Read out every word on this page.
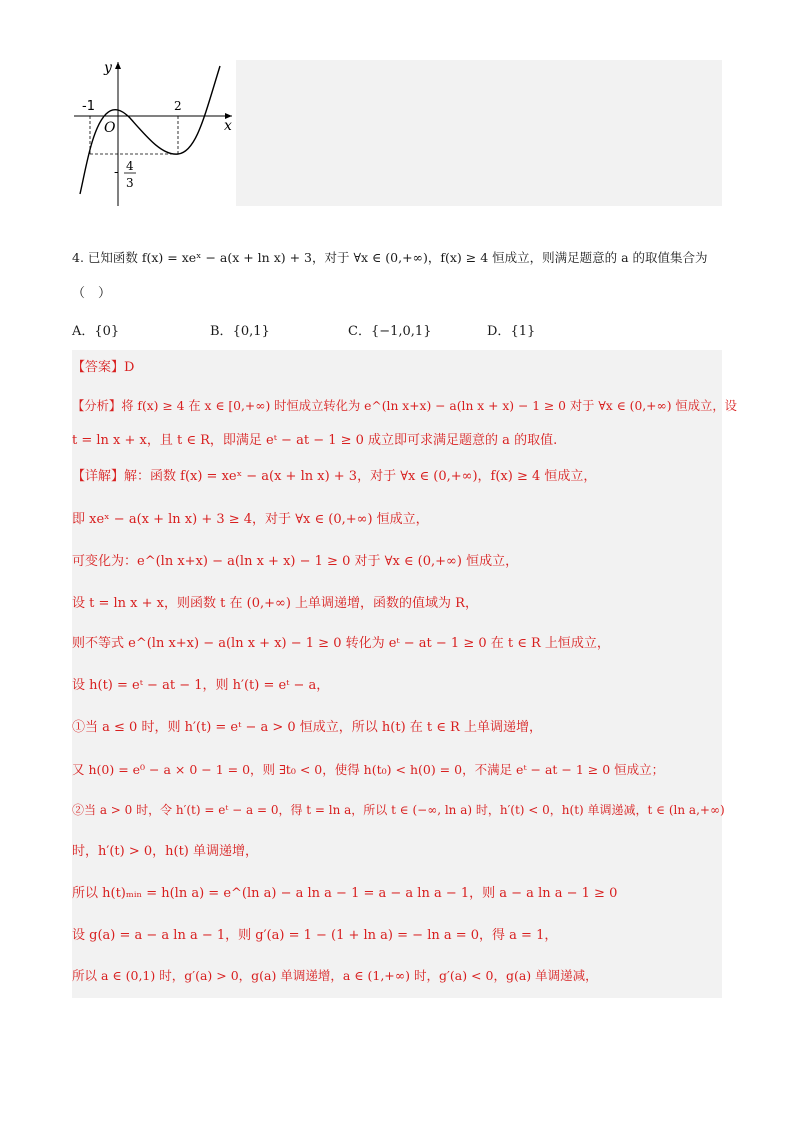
y
x
O
-1	2
- 4
3
4. 已知函数 f(x) = xeˣ − a(x + ln x) + 3，对于 ∀x ∈ (0,+∞)，f(x) ≥ 4 恒成立，则满足题意的 a 的取值集合为
（　）
A．{0}	B．{0,1}	C．{−1,0,1}	D．{1}
【答案】D
【分析】将 f(x) ≥ 4 在 x ∈ [0,+∞) 时恒成立转化为 e^(ln x+x) − a(ln x + x) − 1 ≥ 0 对于 ∀x ∈ (0,+∞) 恒成立，设
t = ln x + x，且 t ∈ R，即满足 eᵗ − at − 1 ≥ 0 成立即可求满足题意的 a 的取值.
【详解】解：函数 f(x) = xeˣ − a(x + ln x) + 3，对于 ∀x ∈ (0,+∞)，f(x) ≥ 4 恒成立，
即 xeˣ − a(x + ln x) + 3 ≥ 4，对于 ∀x ∈ (0,+∞) 恒成立，
可变化为：e^(ln x+x) − a(ln x + x) − 1 ≥ 0 对于 ∀x ∈ (0,+∞) 恒成立，
设 t = ln x + x，则函数 t 在 (0,+∞) 上单调递增，函数的值域为 R，
则不等式 e^(ln x+x) − a(ln x + x) − 1 ≥ 0 转化为 eᵗ − at − 1 ≥ 0 在 t ∈ R 上恒成立，
设 h(t) = eᵗ − at − 1，则 h′(t) = eᵗ − a，
①当 a ≤ 0 时，则 h′(t) = eᵗ − a > 0 恒成立，所以 h(t) 在 t ∈ R 上单调递增，
又 h(0) = e⁰ − a × 0 − 1 = 0，则 ∃t₀ < 0，使得 h(t₀) < h(0) = 0，不满足 eᵗ − at − 1 ≥ 0 恒成立；
②当 a > 0 时，令 h′(t) = eᵗ − a = 0，得 t = ln a，所以 t ∈ (−∞, ln a) 时，h′(t) < 0，h(t) 单调递减，t ∈ (ln a,+∞)
时，h′(t) > 0，h(t) 单调递增，
所以 h(t)ₘᵢₙ = h(ln a) = e^(ln a) − a ln a − 1 = a − a ln a − 1，则 a − a ln a − 1 ≥ 0
设 g(a) = a − a ln a − 1，则 g′(a) = 1 − (1 + ln a) = − ln a = 0，得 a = 1，
所以 a ∈ (0,1) 时，g′(a) > 0，g(a) 单调递增，a ∈ (1,+∞) 时，g′(a) < 0，g(a) 单调递减，
